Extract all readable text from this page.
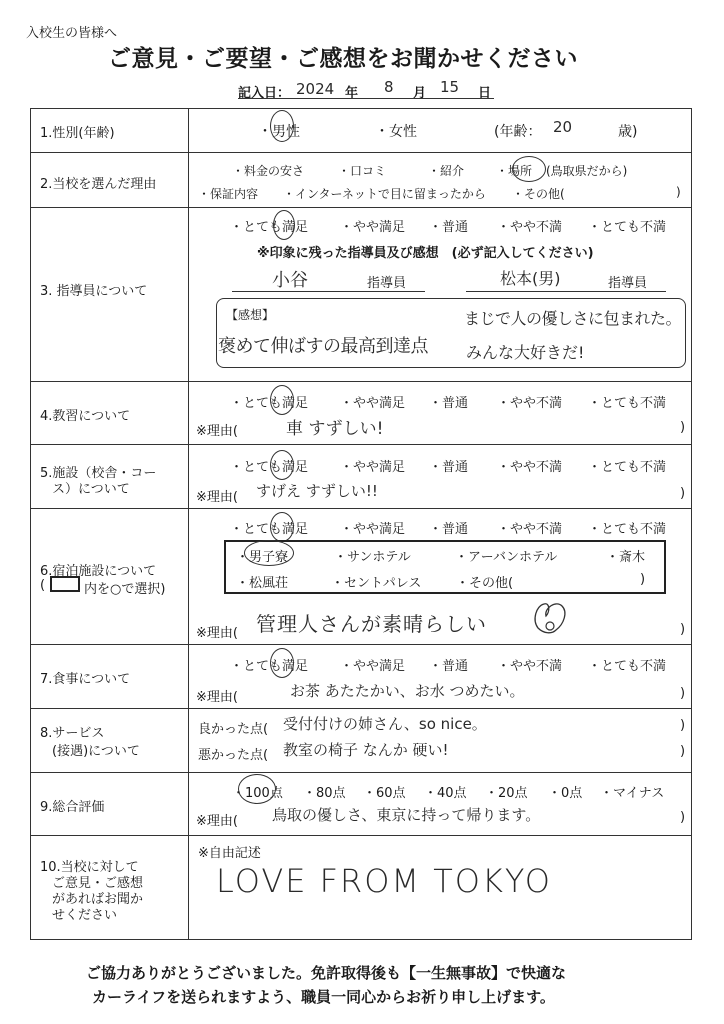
入校生の皆様へ
ご意見・ご要望・ご感想をお聞かせください
記入日： 2024 年 8 月 15 日
1.性別(年齢)	・男性	・女性	(年齢： 20	歳)
2.当校を選んだ理由
・料金の安さ	・口コミ	・紹介	・場所 (鳥取県だから)
・保証内容 ・インターネットで目に留まったから ・その他(	)
3. 指導員について
・とても満足 ・やや満足 ・普通 ・やや不満 ・とても不満
※印象に残った指導員及び感想　(必ず記入してください)
小谷	指導員	松本(男)	指導員
【感想】
褒めて伸ばすの最高到達点
まじで人の優しさに包まれた。
みんな大好きだ!
4.教習について
・とても満足 ・やや満足 ・普通 ・やや不満 ・とても不満
※理由(	車 すずしい!	)
5.施設（校舎・コー
ス）について
・とても満足 ・やや満足 ・普通 ・やや不満 ・とても不満
※理由( すげえ すずしい!!	)
6.宿泊施設について
(	内を○で選択)
・とても満足 ・やや満足 ・普通 ・やや不満 ・とても不満
・男子寮	・サンホテル	・アーバンホテル	・斎木
・松風荘	・セントパレス	・その他(	)
※理由( 管理人さんが素晴らしい	)
7.食事について
・とても満足 ・やや満足 ・普通 ・やや不満 ・とても不満
※理由(	お茶 あたたかい、お水 つめたい。	)
8.サービス
(接遇)について
良かった点( 受付付けの姉さん、so nice。	)
悪かった点( 教室の椅子 なんか 硬い!	)
9.総合評価
・100点 ・80点 ・60点 ・40点 ・20点 ・0点 ・マイナス
※理由( 鳥取の優しさ、東京に持って帰ります。	)
10.当校に対して
ご意見・ご感想
があればお聞か
せください
※自由記述
LOVE FROM TOKYO
ご協力ありがとうございました。免許取得後も【一生無事故】で快適な
カーライフを送られますよう、職員一同心からお祈り申し上げます。
